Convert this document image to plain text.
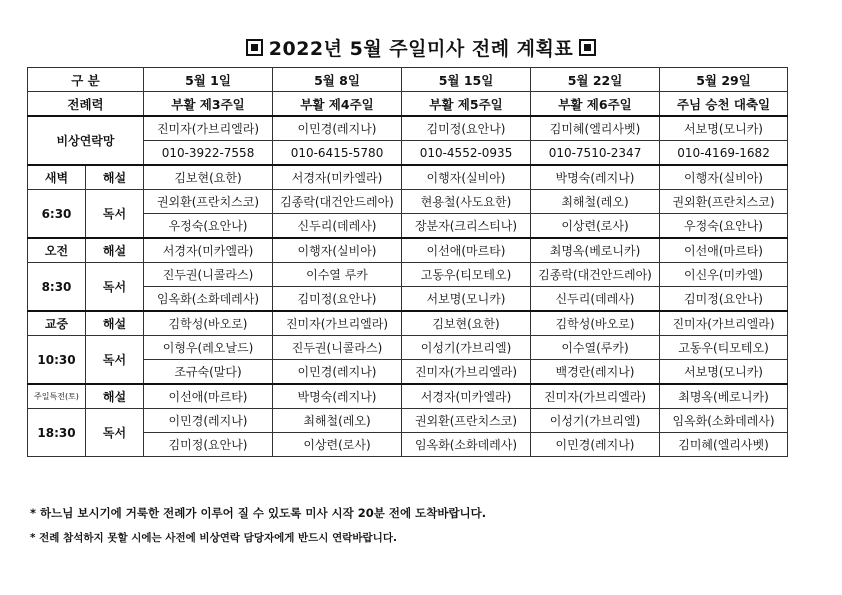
2022년 5월 주일미사 전례 계획표
구 분		5월 1일	5월 8일	5월 15일	5월 22일	5월 29일
전례력		부활 제3주일	부활 제4주일	부활 제5주일	부활 제6주일	주님 승천 대축일
비상연락망		진미자(가브리엘라)	이민경(레지나)	김미정(요안나)	김미혜(엘리사벳)	서보명(모니카)
		010-3922-7558	010-6415-5780	010-4552-0935	010-7510-2347	010-4169-1682
새벽	해설	김보현(요한)	서경자(미카엘라)	이행자(실비아)	박명숙(레지나)	이행자(실비아)
6:30	독서	권외환(프란치스코)	김종락(대건안드레아)	현용철(사도요한)	최해철(레오)	권외환(프란치스코)
		우정숙(요안나)	신두리(데레사)	장분자(크리스티나)	이상련(로사)	우정숙(요안나)
오전	해설	서경자(미카엘라)	이행자(실비아)	이선애(마르타)	최명옥(베로니카)	이선애(마르타)
8:30	독서	진두권(니콜라스)	이수열 루카	고동우(티모테오)	김종락(대건안드레아)	이신우(미카엘)
		임옥화(소화데레사)	김미정(요안나)	서보명(모니카)	신두리(데레사)	김미정(요안나)
교중	해설	김학성(바오로)	진미자(가브리엘라)	김보현(요한)	김학성(바오로)	진미자(가브리엘라)
10:30	독서	이형우(레오날드)	진두권(니콜라스)	이성기(가브리엘)	이수열(루카)	고동우(티모테오)
		조규숙(말다)	이민경(레지나)	진미자(가브리엘라)	백경란(레지나)	서보명(모니카)
주일특전(토)	해설	이선애(마르타)	박명숙(레지나)	서경자(미카엘라)	진미자(가브리엘라)	최명옥(베로니카)
18:30	독서	이민경(레지나)	최해철(레오)	권외환(프란치스코)	이성기(가브리엘)	임옥화(소화데레사)
		김미정(요안나)	이상련(로사)	임옥화(소화데레사)	이민경(레지나)	김미혜(엘리사벳)
* 하느님 보시기에 거룩한 전례가 이루어 질 수 있도록 미사 시작 20분 전에 도착바랍니다.
* 전례 참석하지 못할 시에는 사전에 비상연락 담당자에게 반드시 연락바랍니다.
